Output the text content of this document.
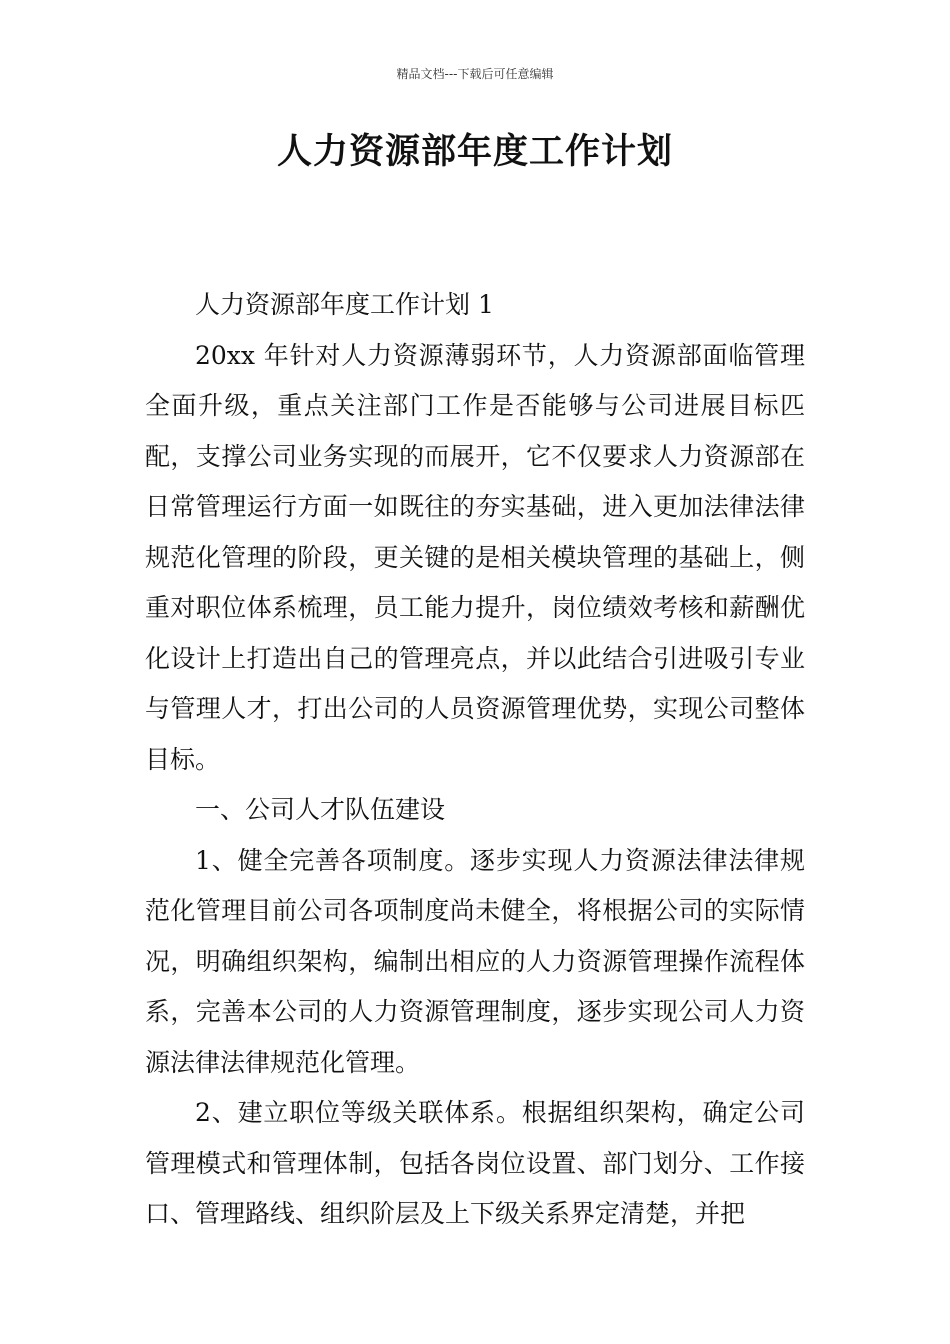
精品文档---下载后可任意编辑
人力资源部年度工作计划

人力资源部年度工作计划 1

20xx 年针对人力资源薄弱环节，人力资源部面临管理全面升级，重点关注部门工作是否能够与公司进展目标匹配，支撑公司业务实现的而展开，它不仅要求人力资源部在日常管理运行方面一如既往的夯实基础，进入更加法律法律规范化管理的阶段，更关键的是相关模块管理的基础上，侧重对职位体系梳理，员工能力提升，岗位绩效考核和薪酬优化设计上打造出自己的管理亮点，并以此结合引进吸引专业与管理人才，打出公司的人员资源管理优势，实现公司整体目标。

一、公司人才队伍建设

1、健全完善各项制度。逐步实现人力资源法律法律规范化管理目前公司各项制度尚未健全，将根据公司的实际情况，明确组织架构，编制出相应的人力资源管理操作流程体系，完善本公司的人力资源管理制度，逐步实现公司人力资源法律法律规范化管理。

2、建立职位等级关联体系。根据组织架构，确定公司管理模式和管理体制，包括各岗位设置、部门划分、工作接口、管理路线、组织阶层及上下级关系界定清楚，并把
